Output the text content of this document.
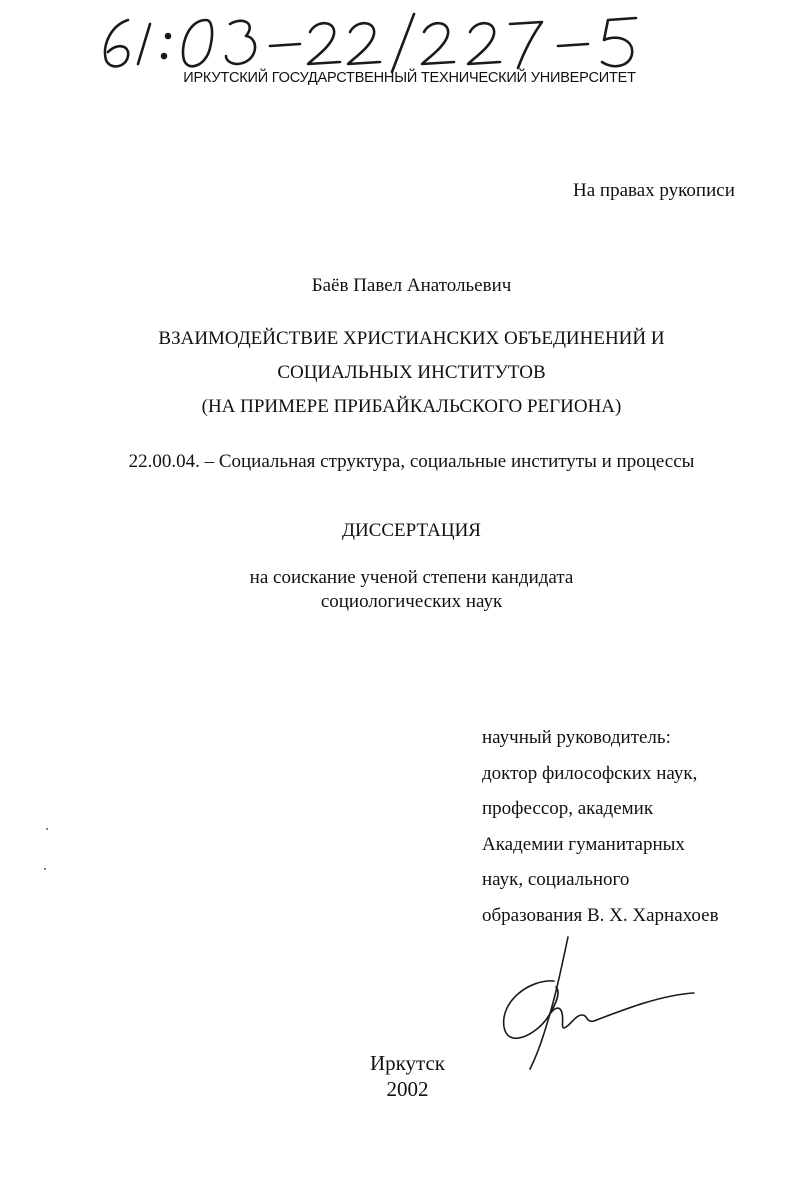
ИРКУТСКИЙ ГОСУДАРСТВЕННЫЙ ТЕХНИЧЕСКИЙ УНИВЕРСИТЕТ
На правах рукописи
Баёв Павел Анатольевич
ВЗАИМОДЕЙСТВИЕ ХРИСТИАНСКИХ ОБЪЕДИНЕНИЙ И
СОЦИАЛЬНЫХ ИНСТИТУТОВ
(НА ПРИМЕРЕ ПРИБАЙКАЛЬСКОГО РЕГИОНА)
22.00.04. – Социальная структура, социальные институты и процессы
ДИССЕРТАЦИЯ
на соискание ученой степени кандидата
социологических наук
научный руководитель:
доктор философских наук,
профессор, академик
Академии гуманитарных
наук, социального
образования В. Х. Харнахоев
Иркутск
2002
